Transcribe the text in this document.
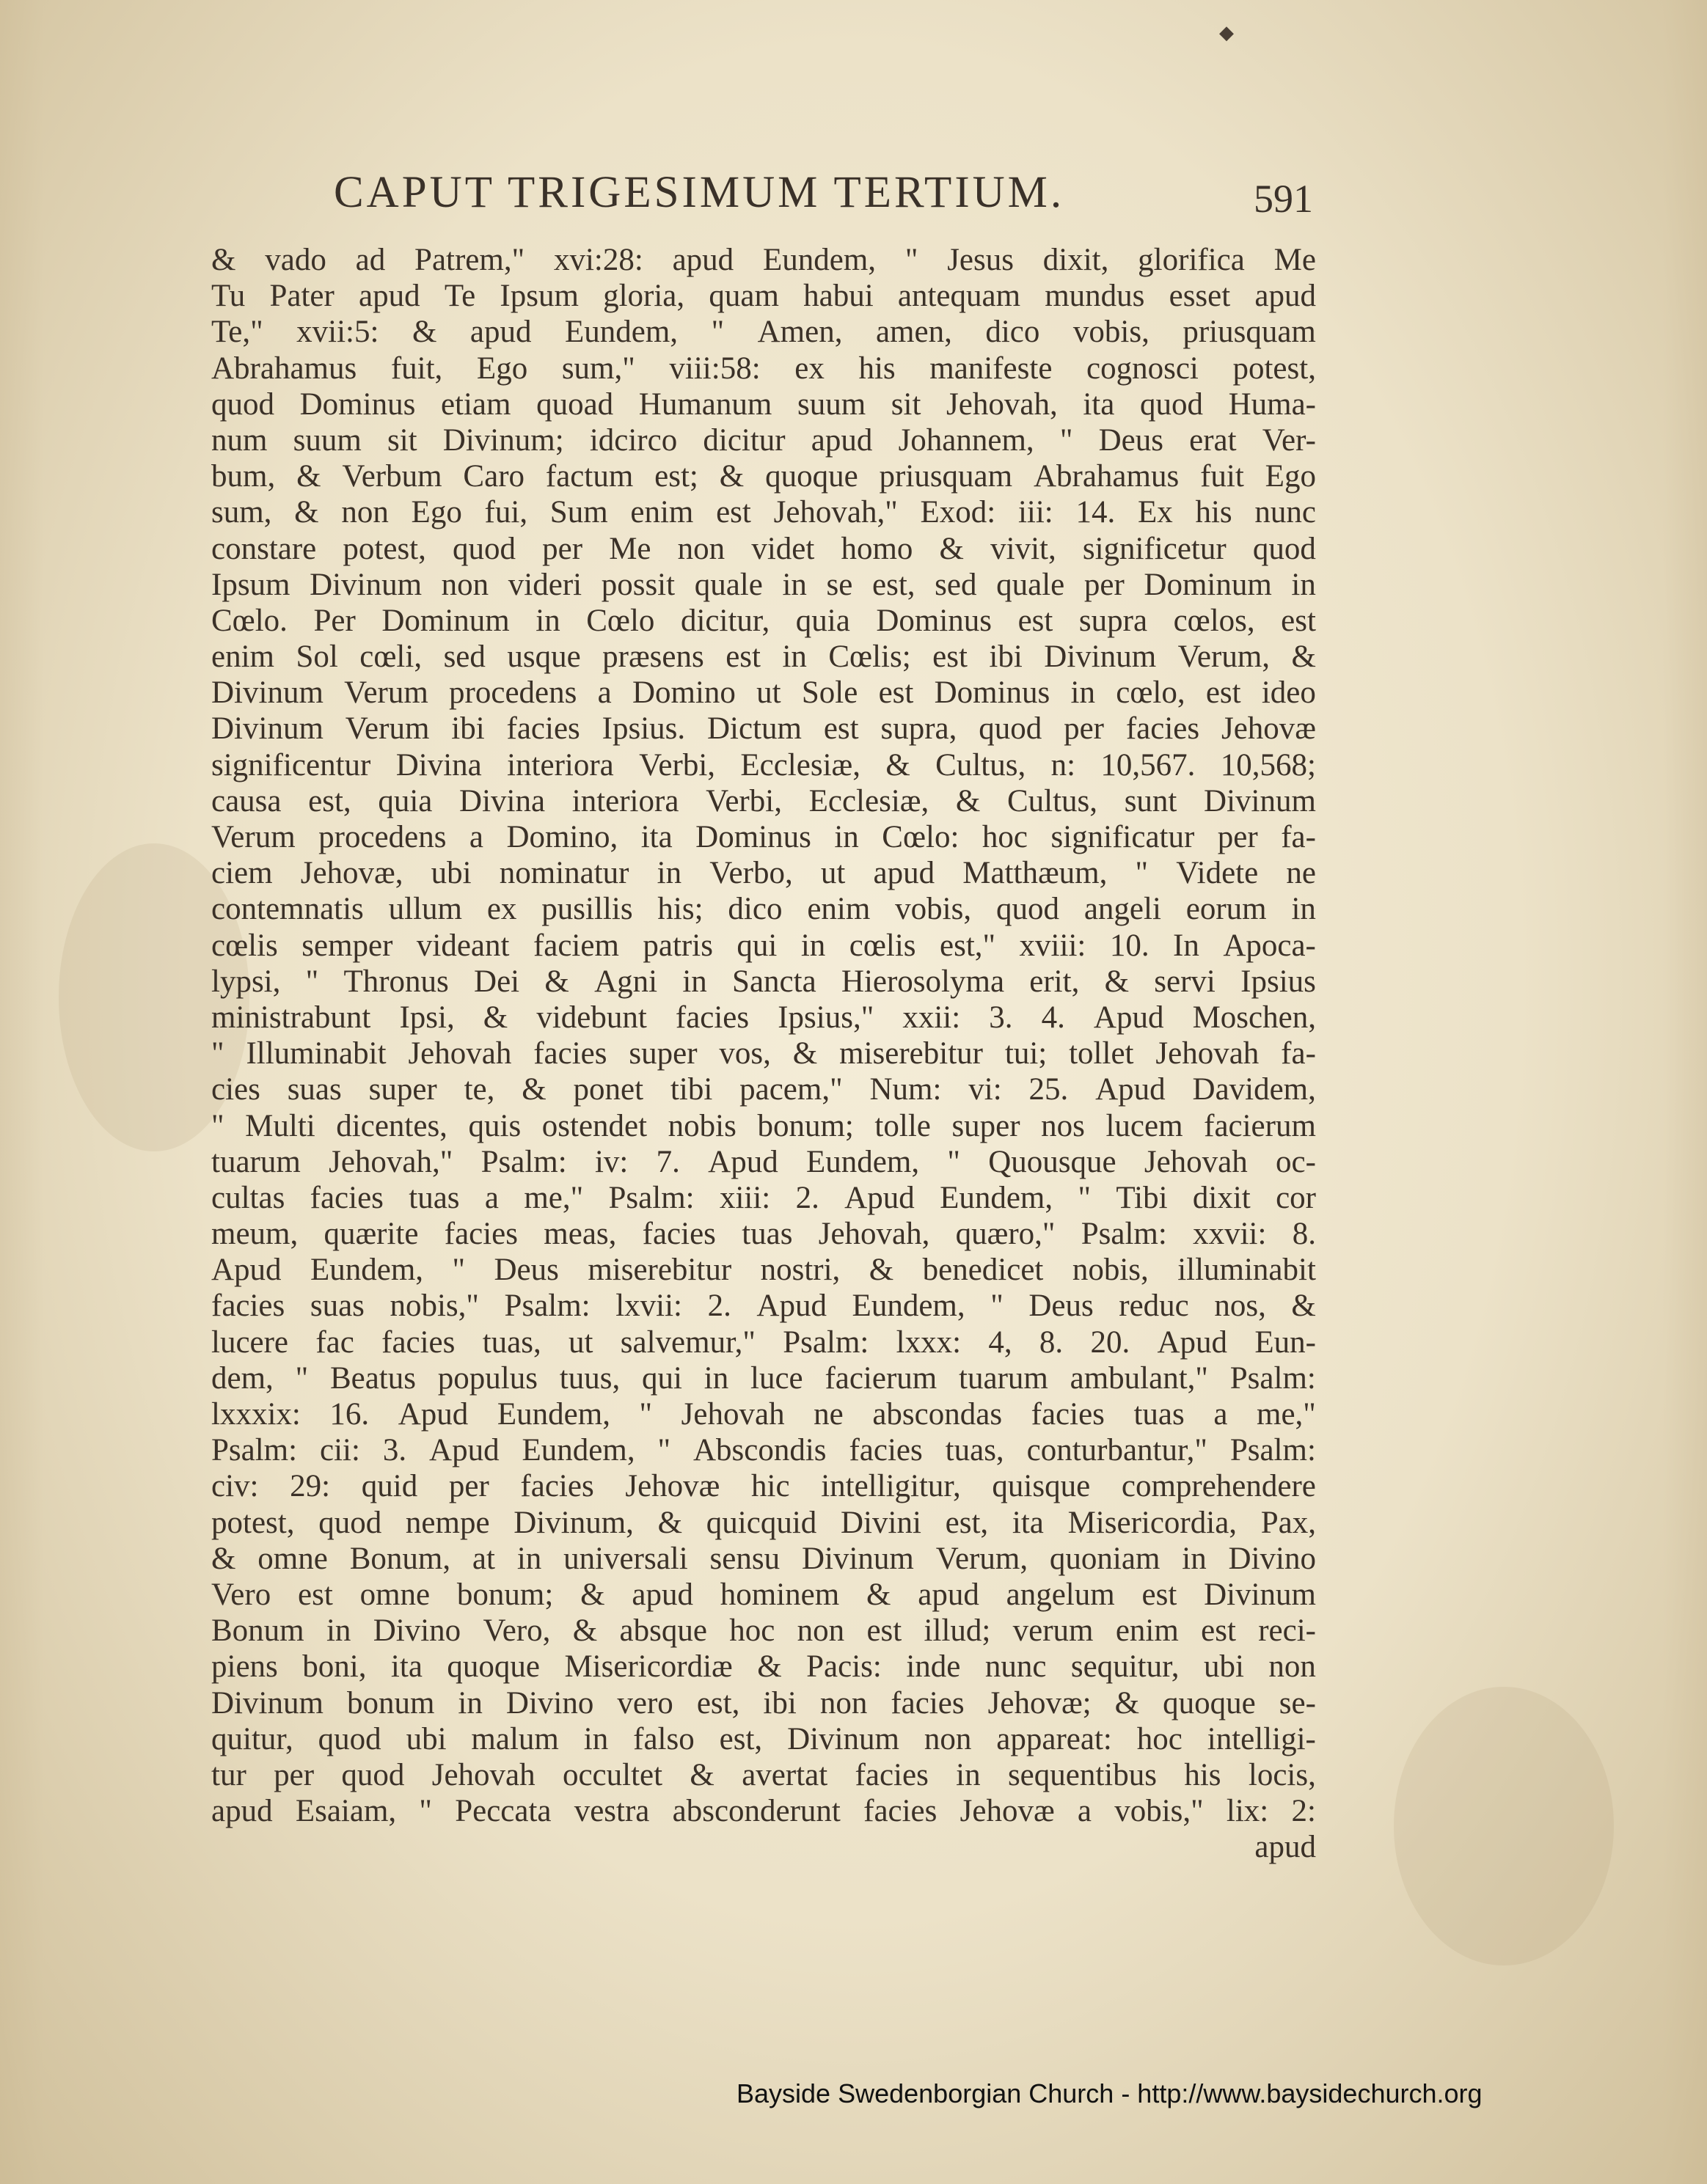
◆
CAPUT TRIGESIMUM TERTIUM.	591
& vado ad Patrem," xvi:28: apud Eundem, " Jesus dixit, glorifica Me
Tu Pater apud Te Ipsum gloria, quam habui antequam mundus esset apud
Te," xvii:5: & apud Eundem, " Amen, amen, dico vobis, priusquam
Abrahamus fuit, Ego sum," viii:58: ex his manifeste cognosci potest,
quod Dominus etiam quoad Humanum suum sit Jehovah, ita quod Huma-
num suum sit Divinum; idcirco dicitur apud Johannem, " Deus erat Ver-
bum, & Verbum Caro factum est; & quoque priusquam Abrahamus fuit Ego
sum, & non Ego fui, Sum enim est Jehovah," Exod: iii: 14. Ex his nunc
constare potest, quod per Me non videt homo & vivit, significetur quod
Ipsum Divinum non videri possit quale in se est, sed quale per Dominum in
Cœlo. Per Dominum in Cœlo dicitur, quia Dominus est supra cœlos, est
enim Sol cœli, sed usque præsens est in Cœlis; est ibi Divinum Verum, &
Divinum Verum procedens a Domino ut Sole est Dominus in cœlo, est ideo
Divinum Verum ibi facies Ipsius. Dictum est supra, quod per facies Jehovæ
significentur Divina interiora Verbi, Ecclesiæ, & Cultus, n: 10,567. 10,568;
causa est, quia Divina interiora Verbi, Ecclesiæ, & Cultus, sunt Divinum
Verum procedens a Domino, ita Dominus in Cœlo: hoc significatur per fa-
ciem Jehovæ, ubi nominatur in Verbo, ut apud Matthæum, " Videte ne
contemnatis ullum ex pusillis his; dico enim vobis, quod angeli eorum in
cœlis semper videant faciem patris qui in cœlis est," xviii: 10. In Apoca-
lypsi, " Thronus Dei & Agni in Sancta Hierosolyma erit, & servi Ipsius
ministrabunt Ipsi, & videbunt facies Ipsius," xxii: 3. 4. Apud Moschen,
" Illuminabit Jehovah facies super vos, & miserebitur tui; tollet Jehovah fa-
cies suas super te, & ponet tibi pacem," Num: vi: 25. Apud Davidem,
" Multi dicentes, quis ostendet nobis bonum; tolle super nos lucem facierum
tuarum Jehovah," Psalm: iv: 7. Apud Eundem, " Quousque Jehovah oc-
cultas facies tuas a me," Psalm: xiii: 2. Apud Eundem, " Tibi dixit cor
meum, quærite facies meas, facies tuas Jehovah, quæro," Psalm: xxvii: 8.
Apud Eundem, " Deus miserebitur nostri, & benedicet nobis, illuminabit
facies suas nobis," Psalm: lxvii: 2. Apud Eundem, " Deus reduc nos, &
lucere fac facies tuas, ut salvemur," Psalm: lxxx: 4, 8. 20. Apud Eun-
dem, " Beatus populus tuus, qui in luce facierum tuarum ambulant," Psalm:
lxxxix: 16. Apud Eundem, " Jehovah ne abscondas facies tuas a me,"
Psalm: cii: 3. Apud Eundem, " Abscondis facies tuas, conturbantur," Psalm:
civ: 29: quid per facies Jehovæ hic intelligitur, quisque comprehendere
potest, quod nempe Divinum, & quicquid Divini est, ita Misericordia, Pax,
& omne Bonum, at in universali sensu Divinum Verum, quoniam in Divino
Vero est omne bonum; & apud hominem & apud angelum est Divinum
Bonum in Divino Vero, & absque hoc non est illud; verum enim est reci-
piens boni, ita quoque Misericordiæ & Pacis: inde nunc sequitur, ubi non
Divinum bonum in Divino vero est, ibi non facies Jehovæ; & quoque se-
quitur, quod ubi malum in falso est, Divinum non appareat: hoc intelligi-
tur per quod Jehovah occultet & avertat facies in sequentibus his locis,
apud Esaiam, " Peccata vestra absconderunt facies Jehovæ a vobis," lix: 2:
apud
Bayside Swedenborgian Church - http://www.baysidechurch.org
